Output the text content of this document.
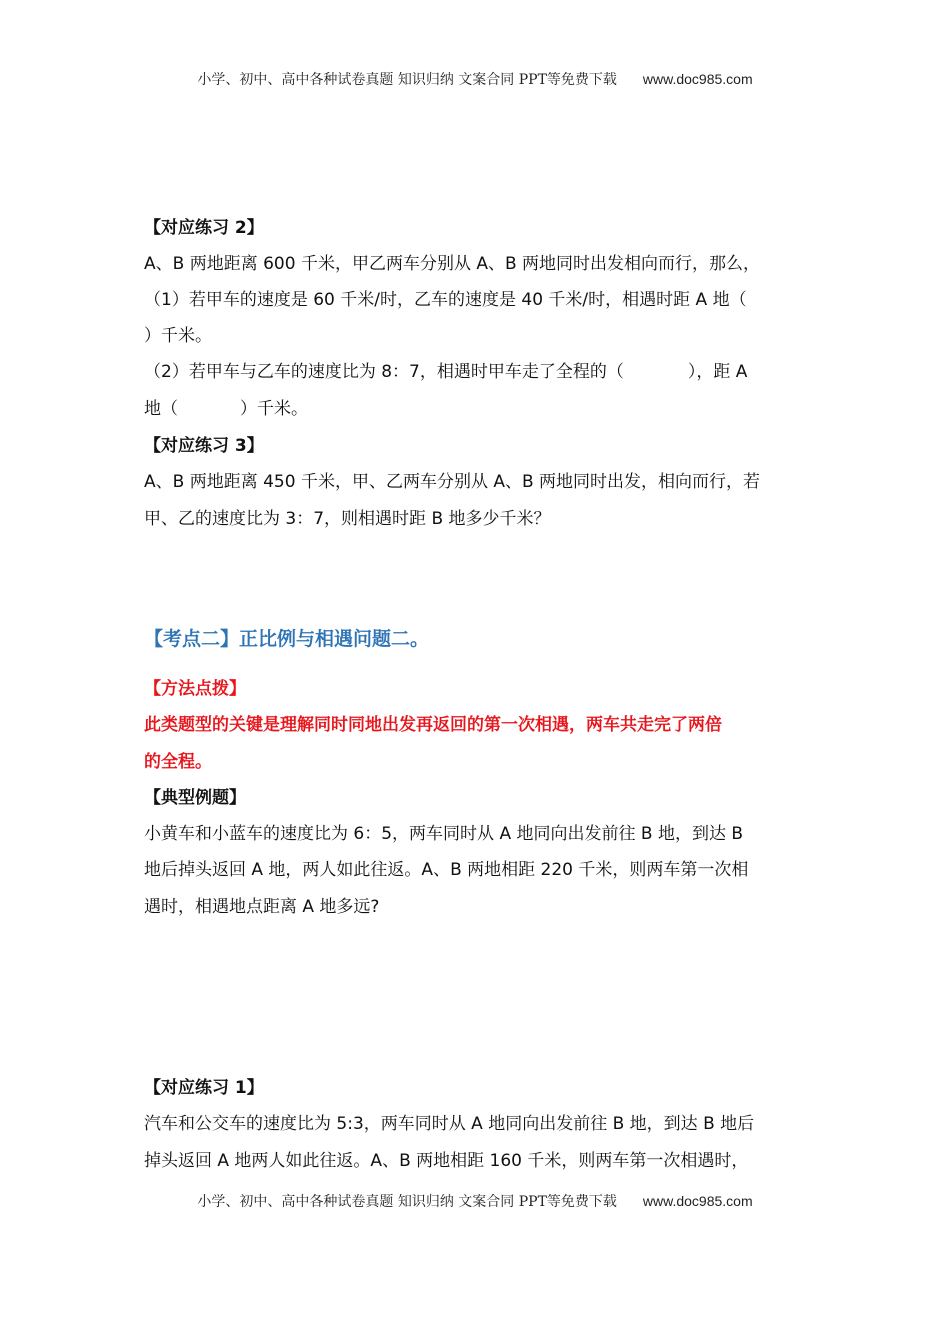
小学、初中、高中各种试卷真题 知识归纳 文案合同 PPT等免费下载 www.doc985.com
【对应练习 2】
A、B 两地距离 600 千米，甲乙两车分别从 A、B 两地同时出发相向而行，那么，
（1）若甲车的速度是 60 千米/时，乙车的速度是 40 千米/时，相遇时距 A 地（
）千米。
（2）若甲车与乙车的速度比为 8：7，相遇时甲车走了全程的（	），距 A
地（	）千米。
【对应练习 3】
A、B 两地距离 450 千米，甲、乙两车分别从 A、B 两地同时出发，相向而行，若
甲、乙的速度比为 3：7，则相遇时距 B 地多少千米？
【考点二】正比例与相遇问题二。
【方法点拨】
此类题型的关键是理解同时同地出发再返回的第一次相遇，两车共走完了两倍
的全程。
【典型例题】
小黄车和小蓝车的速度比为 6：5，两车同时从 A 地同向出发前往 B 地，到达 B
地后掉头返回 A 地，两人如此往返。A、B 两地相距 220 千米，则两车第一次相
遇时，相遇地点距离 A 地多远?
【对应练习 1】
汽车和公交车的速度比为 5:3，两车同时从 A 地同向出发前往 B 地，到达 B 地后
掉头返回 A 地两人如此往返。A、B 两地相距 160 千米，则两车第一次相遇时，
小学、初中、高中各种试卷真题 知识归纳 文案合同 PPT等免费下载 www.doc985.com
